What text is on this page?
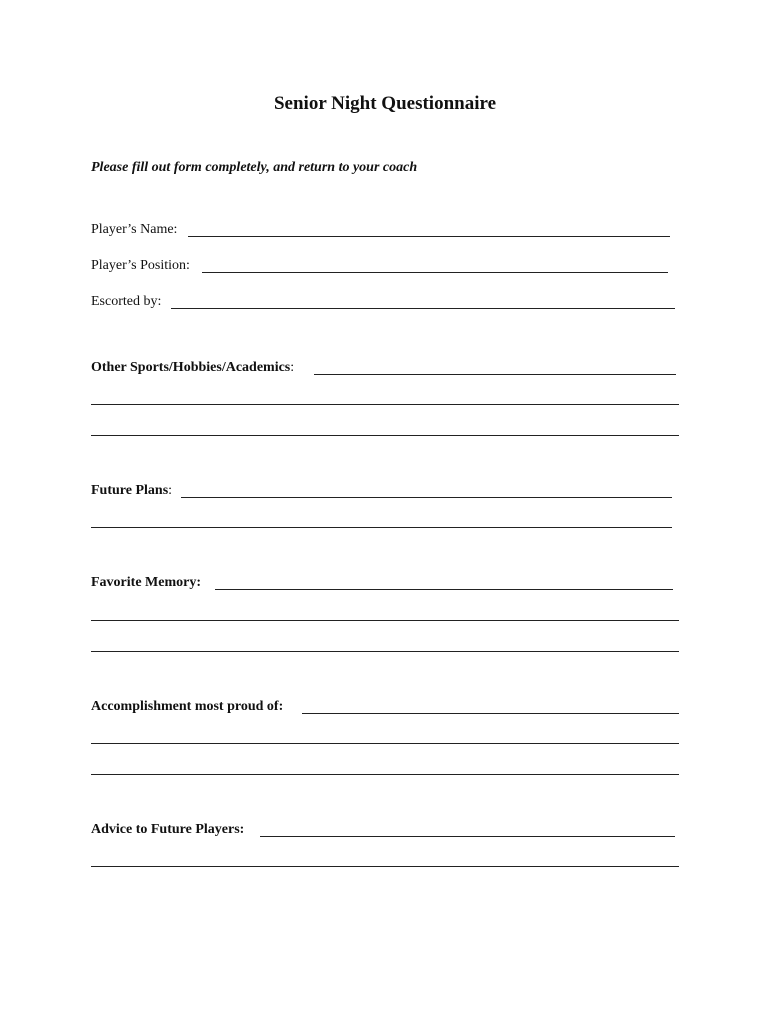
Senior Night Questionnaire
Please fill out form completely, and return to your coach
Player’s Name:
Player’s Position:
Escorted by:
Other Sports/Hobbies/Academics:
Future Plans:
Favorite Memory:
Accomplishment most proud of:
Advice to Future Players:
